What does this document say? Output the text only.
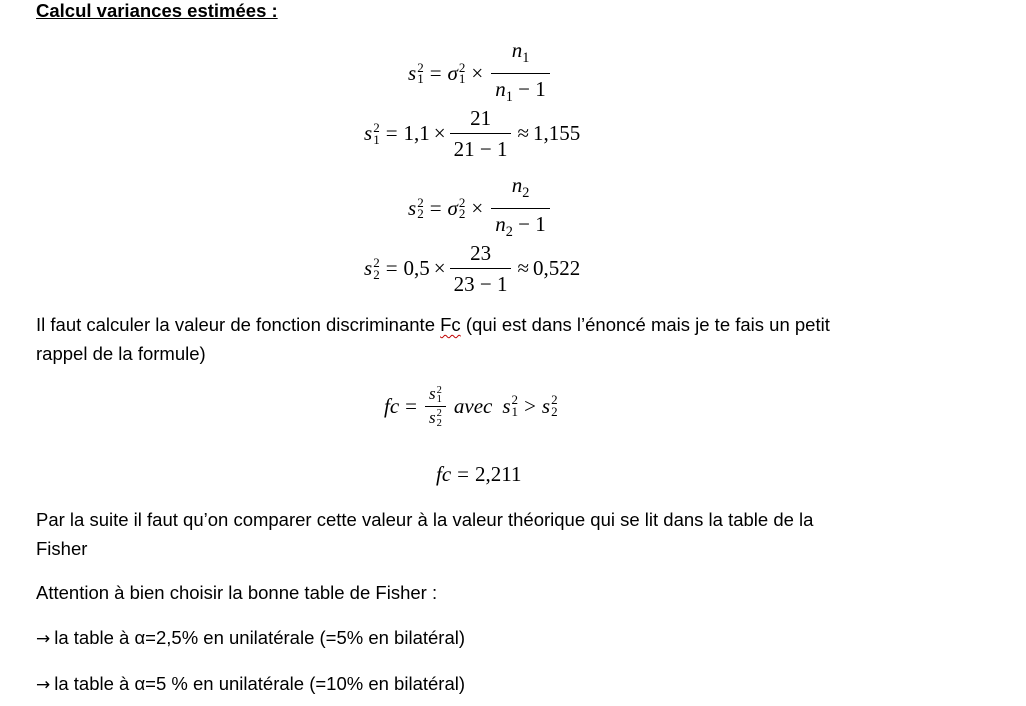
Calcul variances estimées :
s 2
1 = σ 2
$1 \times \frac{n_1}{n_1 - 1}$
s 2
$1 = 1,1 \times \frac{21}{21 - 1} \approx 1,155$
s 2
2 = σ 2
$2 \times \frac{n_2}{n_2 - 1}$
s 2
$2 = 0,5 \times \frac{23}{23 - 1} \approx 0,522$
Il faut calculer la valeur de fonction discriminante Fc (qui est dans l’énoncé mais je te fais un petit
rappel de la formule)
fc = s 2
1
s 2
2 avec s 2
1 > s 2
2
fc = 2,211
Par la suite il faut qu’on comparer cette valeur à la valeur théorique qui se lit dans la table de la
Fisher
Attention à bien choisir la bonne table de Fisher :
→ la table à α=2,5% en unilatérale (=5% en bilatéral)
→ la table à α=5 % en unilatérale (=10% en bilatéral)
